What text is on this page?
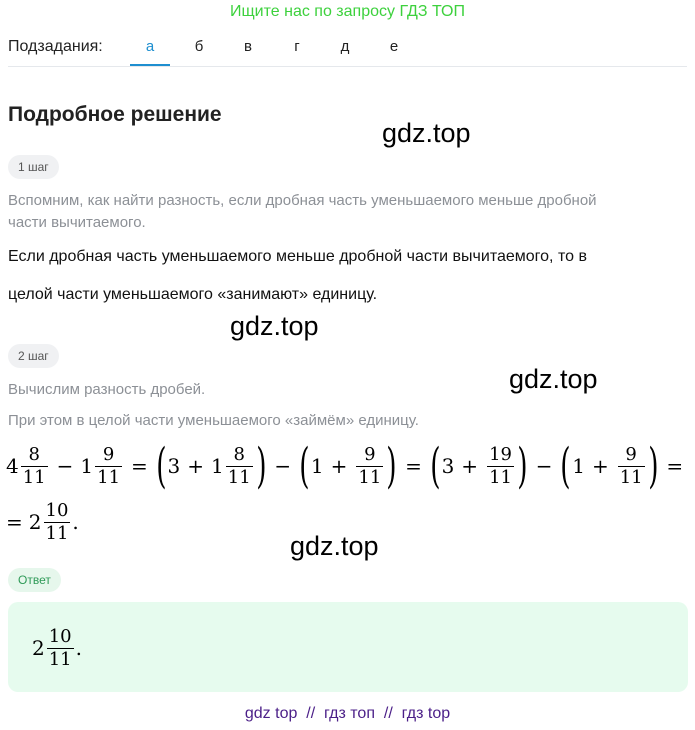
Ищите нас по запросу ГДЗ ТОП
Подзадания:	а	б	в	г	д	е
Подробное решение
gdz.top
gdz.top
gdz.top
gdz.top
1 шаг
Вспомним, как найти разность, если дробная часть уменьшаемого меньше дробной
части вычитаемого.
Если дробная часть уменьшаемого меньше дробной части вычитаемого, то в
целой части уменьшаемого «занимают» единицу.
2 шаг
Вычислим разность дробей.
При этом в целой части уменьшаемого «займём» единицу.
$4 \frac{8}{11} - 1 \frac{9}{11}$ = ( $3 + 1 \frac{8}{11}$ ) − ( $1 + \frac{9}{11}$ ) = ( $3 + \frac{19}{11}$ ) − ( $1 + \frac{9}{11}$ ) =
= $2 \frac{10}{11}$ .
Ответ
$2 \frac{10}{11}$ .
gdz top  //  гдз топ  //  гдз top
